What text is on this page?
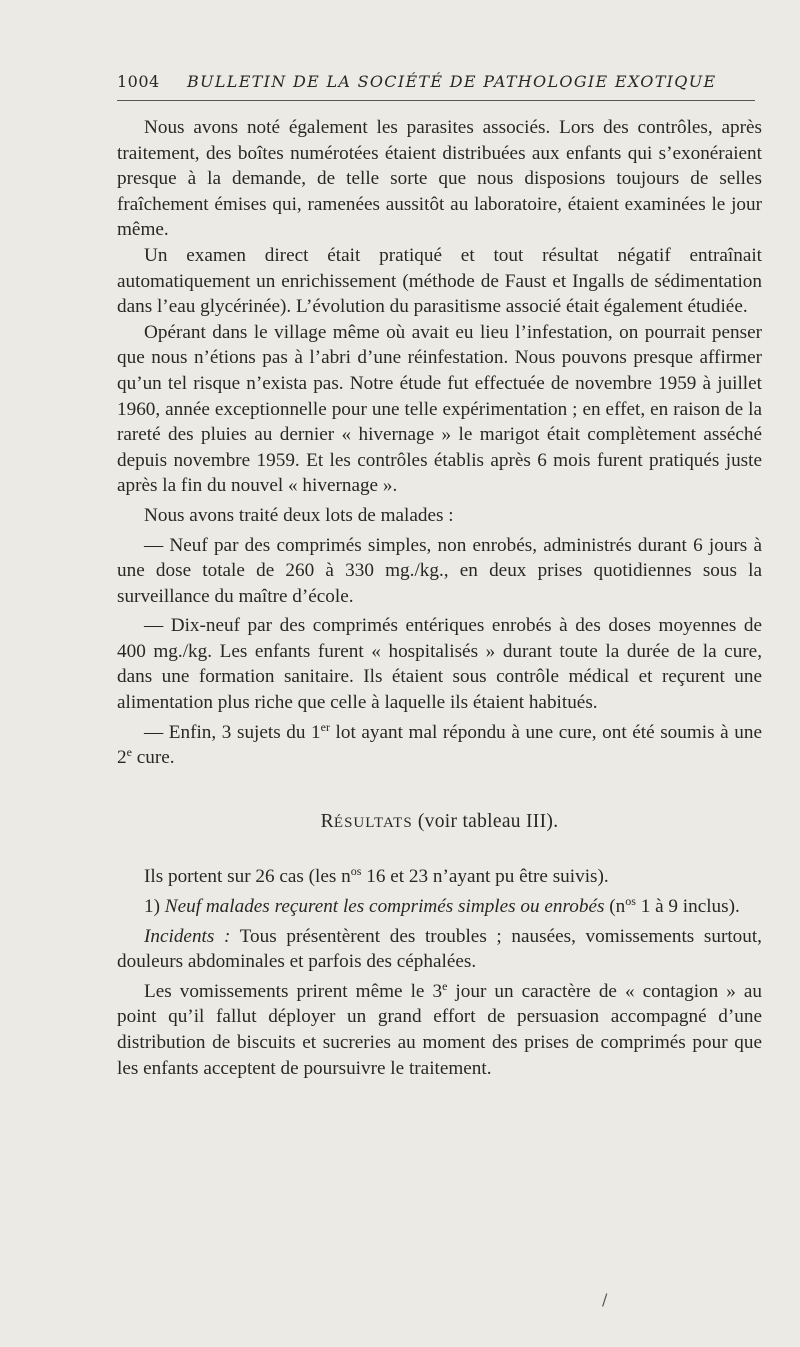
1004 BULLETIN DE LA SOCIÉTÉ DE PATHOLOGIE EXOTIQUE

Nous avons noté également les parasites associés. Lors des contrôles, après traitement, des boîtes numérotées étaient distribuées aux enfants qui s’exonéraient presque à la demande, de telle sorte que nous disposions toujours de selles fraîchement émises qui, ramenées aussitôt au laboratoire, étaient examinées le jour même.

Un examen direct était pratiqué et tout résultat négatif entraînait automatiquement un enrichissement (méthode de Faust et Ingalls de sédimentation dans l’eau glycérinée). L’évolution du parasitisme associé était également étudiée.

Opérant dans le village même où avait eu lieu l’infestation, on pourrait penser que nous n’étions pas à l’abri d’une réinfestation. Nous pouvons presque affirmer qu’un tel risque n’exista pas. Notre étude fut effectuée de novembre 1959 à juillet 1960, année exceptionnelle pour une telle expérimentation ; en effet, en raison de la rareté des pluies au dernier « hivernage » le marigot était complètement asséché depuis novembre 1959. Et les contrôles établis après 6 mois furent pratiqués juste après la fin du nouvel « hivernage ».

Nous avons traité deux lots de malades :

— Neuf par des comprimés simples, non enrobés, administrés durant 6 jours à une dose totale de 260 à 330 mg./kg., en deux prises quotidiennes sous la surveillance du maître d’école.

— Dix-neuf par des comprimés entériques enrobés à des doses moyennes de 400 mg./kg. Les enfants furent « hospitalisés » durant toute la durée de la cure, dans une formation sanitaire. Ils étaient sous contrôle médical et reçurent une alimentation plus riche que celle à laquelle ils étaient habitués.

— Enfin, 3 sujets du 1er lot ayant mal répondu à une cure, ont été soumis à une 2e cure.

RÉSULTATS (voir tableau III).

Ils portent sur 26 cas (les $n^{os}$ 16 et 23 n’ayant pu être suivis).

1) Neuf malades reçurent les comprimés simples ou enrobés ($n^{os}$ 1 à 9 inclus).

Incidents : Tous présentèrent des troubles ; nausées, vomissements surtout, douleurs abdominales et parfois des céphalées.

Les vomissements prirent même le 3e jour un caractère de « contagion » au point qu’il fallut déployer un grand effort de persuasion accompagné d’une distribution de biscuits et sucreries au moment des prises de comprimés pour que les enfants acceptent de poursuivre le traitement.

/
